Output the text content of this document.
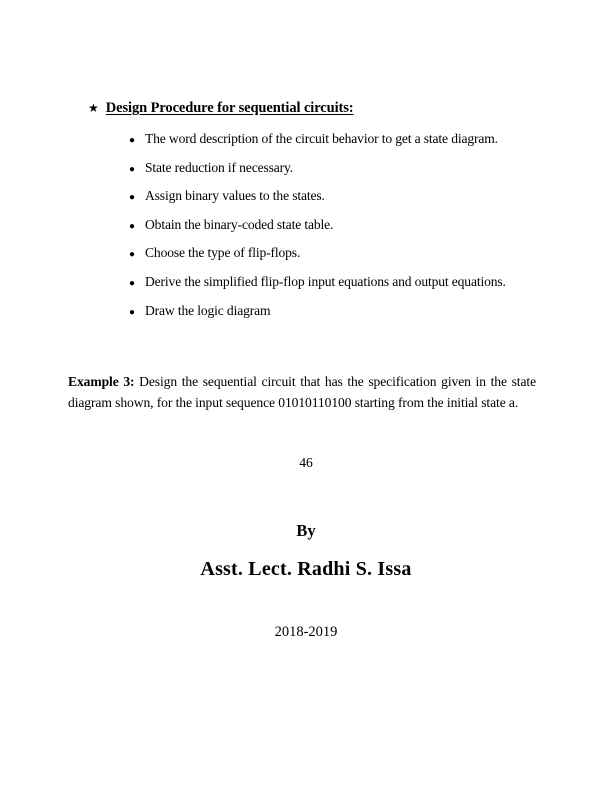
★ Design Procedure for sequential circuits:
● The word description of the circuit behavior to get a state diagram.
● State reduction if necessary.
● Assign binary values to the states.
● Obtain the binary-coded state table.
● Choose the type of flip-flops.
● Derive the simplified flip-flop input equations and output equations.
● Draw the logic diagram

Example 3: Design the sequential circuit that has the specification given in the state diagram shown, for the input sequence 01010110100 starting from the initial state a.

46
By
Asst. Lect. Radhi S. Issa
2018-2019
